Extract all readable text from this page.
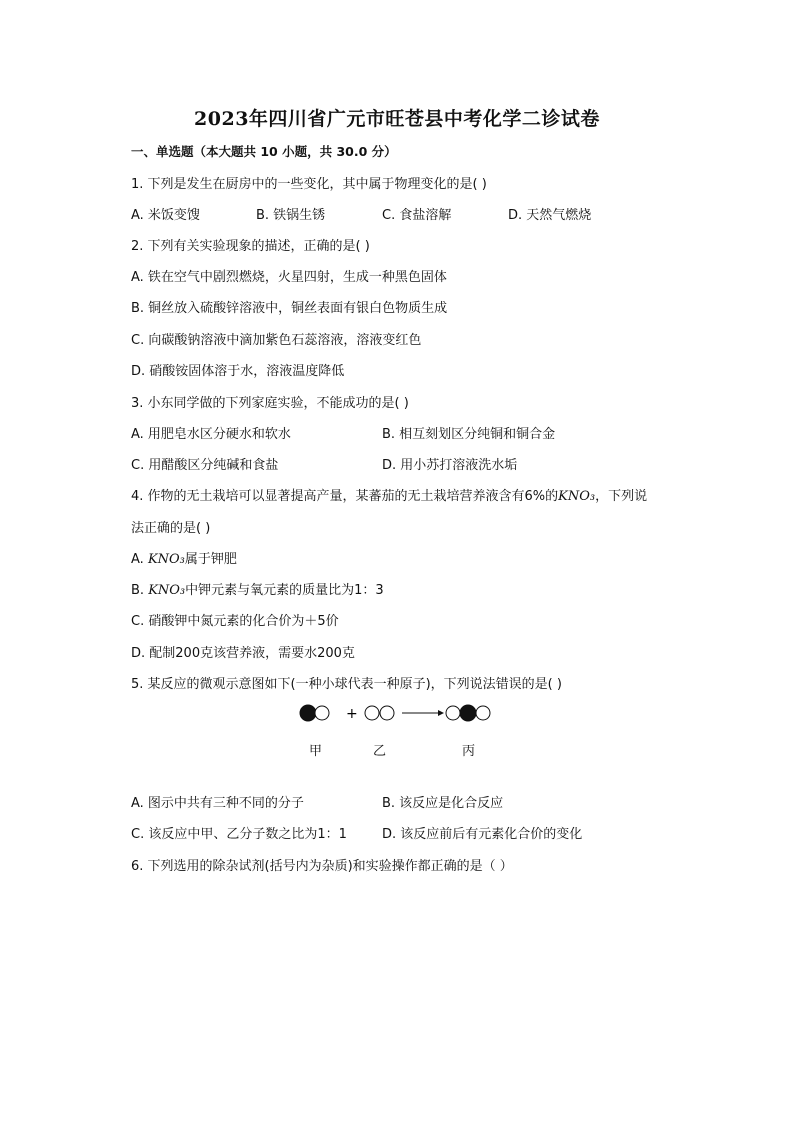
2023年四川省广元市旺苍县中考化学二诊试卷
一、单选题（本大题共 10 小题，共 30.0 分）
1. 下列是发生在厨房中的一些变化，其中属于物理变化的是( )
A. 米饭变馊	B. 铁锅生锈	C. 食盐溶解	D. 天然气燃烧
2. 下列有关实验现象的描述，正确的是( )
A. 铁在空气中剧烈燃烧，火星四射，生成一种黑色固体
B. 铜丝放入硫酸锌溶液中，铜丝表面有银白色物质生成
C. 向碳酸钠溶液中滴加紫色石蕊溶液，溶液变红色
D. 硝酸铵固体溶于水，溶液温度降低
3. 小东同学做的下列家庭实验，不能成功的是( )
A. 用肥皂水区分硬水和软水	B. 相互刻划区分纯铜和铜合金
C. 用醋酸区分纯碱和食盐	D. 用小苏打溶液洗水垢
4. 作物的无土栽培可以显著提高产量，某蕃茄的无土栽培营养液含有6%的KNO₃，下列说
法正确的是( )
A. KNO₃属于钾肥
B. KNO₃中钾元素与氧元素的质量比为1：3
C. 硝酸钾中氮元素的化合价为＋5价
D. 配制200克该营养液，需要水200克
5. 某反应的微观示意图如下(一种小球代表一种原子)，下列说法错误的是( )
+
甲	乙	丙
A. 图示中共有三种不同的分子	B. 该反应是化合反应
C. 该反应中甲、乙分子数之比为1：1	D. 该反应前后有元素化合价的变化
6. 下列选用的除杂试剂(括号内为杂质)和实验操作都正确的是（ ）
